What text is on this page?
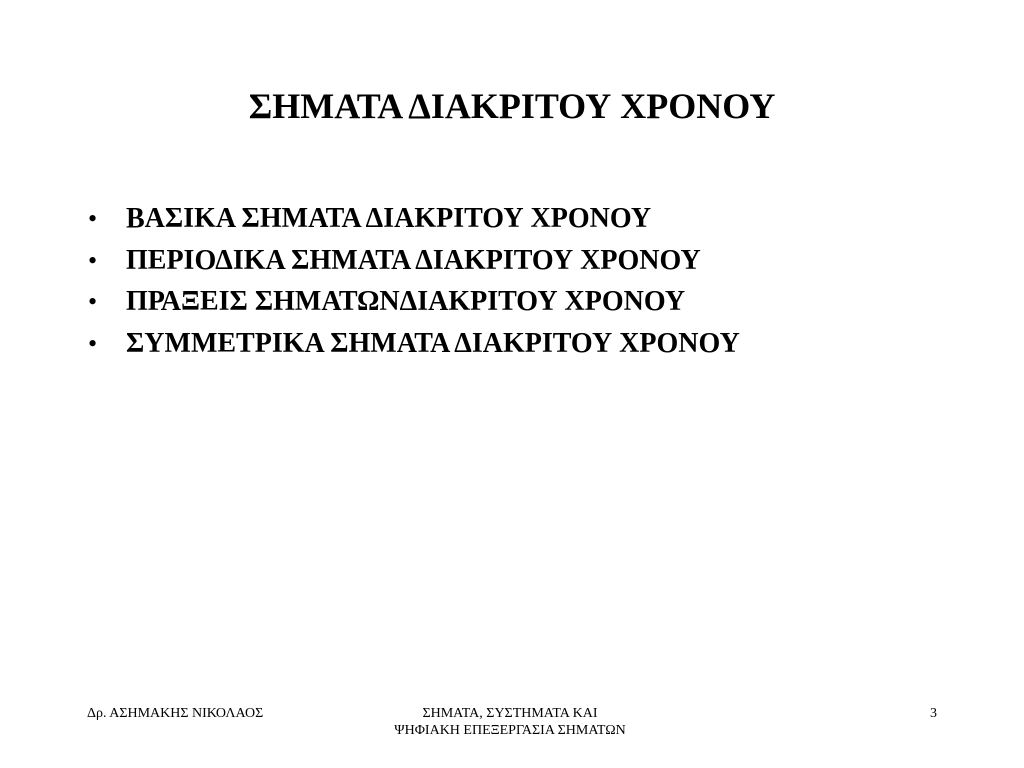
ΣΗΜΑΤΑ ΔΙΑΚΡΙΤΟΥ ΧΡΟΝΟΥ
•	ΒΑΣΙΚΑ ΣΗΜΑΤΑ ΔΙΑΚΡΙΤΟΥ ΧΡΟΝΟΥ
•	ΠΕΡΙΟΔΙΚΑ ΣΗΜΑΤΑ ΔΙΑΚΡΙΤΟΥ ΧΡΟΝΟΥ
•	ΠΡΑΞΕΙΣ ΣΗΜΑΤΩΝΔΙΑΚΡΙΤΟΥ ΧΡΟΝΟΥ
•	ΣΥΜΜΕΤΡΙΚΑ ΣΗΜΑΤΑ ΔΙΑΚΡΙΤΟΥ ΧΡΟΝΟΥ
Δρ. ΑΣΗΜΑΚΗΣ ΝΙΚΟΛΑΟΣ	ΣΗΜΑΤΑ, ΣΥΣΤΗΜΑΤΑ ΚΑΙ
ΨΗΦΙΑΚΗ ΕΠΕΞΕΡΓΑΣΙΑ ΣΗΜΑΤΩΝ
3
